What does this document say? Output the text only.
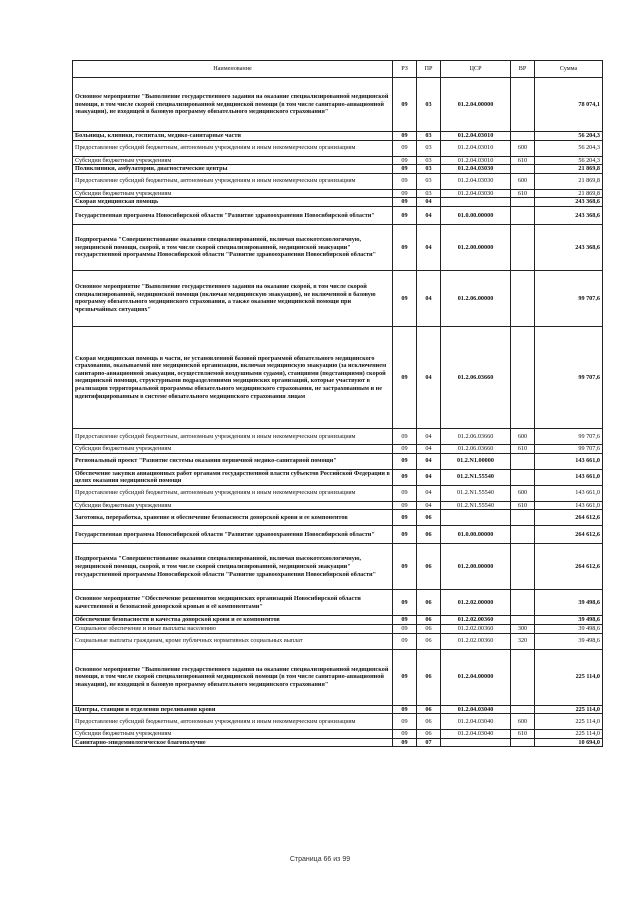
Наименование	РЗ	ПР	ЦСР	ВР	Сумма
Основное мероприятие "Выполнение государственного задания на оказание специализированной медицинской помощи, в том числе скорой специализированной медицинской помощи (в том числе санитарно-авиационной эвакуации), не входящей в базовую программу обязательного медицинского страхования"	09	03	01.2.04.00000		78 074,1
Больницы, клиники, госпитали, медико-санитарные части	09	03	01.2.04.03010		56 204,3
Предоставление субсидий бюджетным, автономным учреждениям и иным некоммерческим организациям	09	03	01.2.04.03010	600	56 204,3
Субсидии бюджетным учреждениям	09	03	01.2.04.03010	610	56 204,3
Поликлиники, амбулатории, диагностические центры	09	03	01.2.04.03030		21 869,8
Предоставление субсидий бюджетным, автономным учреждениям и иным некоммерческим организациям	09	03	01.2.04.03030	600	21 869,8
Субсидии бюджетным учреждениям	09	03	01.2.04.03030	610	21 869,8
Скорая медицинская помощь	09	04			243 368,6
Государственная программа Новосибирской области "Развитие здравоохранения Новосибирской области"	09	04	01.0.00.00000		243 368,6
Подпрограмма "Совершенствование оказания специализированной, включая высокотехнологичную, медицинской помощи, скорой, в том числе скорой специализированной, медицинской эвакуации" государственной программы Новосибирской области "Развитие здравоохранения Новосибирской области"	09	04	01.2.00.00000		243 368,6
Основное мероприятие "Выполнение государственного задания на оказание скорой, в том числе скорой специализированной, медицинской помощи (включая медицинскую эвакуацию), не включенной в базовую программу обязательного медицинского страхования, а также оказание медицинской помощи при чрезвычайных ситуациях"	09	04	01.2.06.00000		99 707,6
Скорая медицинская помощь в части, не установленной базовой программой обязательного медицинского страхования, оказываемой вне медицинской организации, включая медицинскую эвакуацию (за исключением санитарно-авиационной эвакуации, осуществляемой воздушными судами), станциями (подстанциями) скорой медицинской помощи, структурными подразделениями медицинских организаций, которые участвуют в реализации территориальной программы обязательного медицинского страхования, не застрахованным и не идентифицированным в системе обязательного медицинского страхования лицам	09	04	01.2.06.03660		99 707,6
Предоставление субсидий бюджетным, автономным учреждениям и иным некоммерческим организациям	09	04	01.2.06.03660	600	99 707,6
Субсидии бюджетным учреждениям	09	04	01.2.06.03660	610	99 707,6
Региональный проект "Развитие системы оказания первичной медико-санитарной помощи"	09	04	01.2.N1.00000		143 661,0
Обеспечение закупки авиационных работ органами государственной власти субъектов Российской Федерации в целях оказания медицинской помощи	09	04	01.2.N1.55540		143 661,0
Предоставление субсидий бюджетным, автономным учреждениям и иным некоммерческим организациям	09	04	01.2.N1.55540	600	143 661,0
Субсидии бюджетным учреждениям	09	04	01.2.N1.55540	610	143 661,0
Заготовка, переработка, хранение и обеспечение безопасности донорской крови и ее компонентов	09	06			264 612,6
Государственная программа Новосибирской области "Развитие здравоохранения Новосибирской области"	09	06	01.0.00.00000		264 612,6
Подпрограмма "Совершенствование оказания специализированной, включая высокотехнологичную, медицинской помощи, скорой, в том числе скорой специализированной, медицинской эвакуации" государственной программы Новосибирской области "Развитие здравоохранения Новосибирской области"	09	06	01.2.00.00000		264 612,6
Основное мероприятие "Обеспечение решениятов медицинских организаций Новосибирской области качественной и безопасной донорской кровью и её компонентами"	09	06	01.2.02.00000		39 498,6
Обеспечение безопасности и качества донорской крови и ее компонентов	09	06	01.2.02.00360		39 498,6
Социальное обеспечение и иные выплаты населению	09	06	01.2.02.00360	300	39 498,6
Социальные выплаты гражданам, кроме публичных нормативных социальных выплат	09	06	01.2.02.00360	320	39 498,6
Основное мероприятие "Выполнение государственного задания на оказание специализированной медицинской помощи, в том числе скорой специализированной медицинской помощи (в том числе санитарно-авиационной эвакуации), не входящей в базовую программу обязательного медицинского страхования"	09	06	01.2.04.00000		225 114,0
Центры, станции и отделения переливания крови	09	06	01.2.04.03040		225 114,0
Предоставление субсидий бюджетным, автономным учреждениям и иным некоммерческим организациям	09	06	01.2.04.03040	600	225 114,0
Субсидии бюджетным учреждениям	09	06	01.2.04.03040	610	225 114,0
Санитарно-эпидемиологическое благополучие	09	07			10 694,0
Страница 66 из 99
